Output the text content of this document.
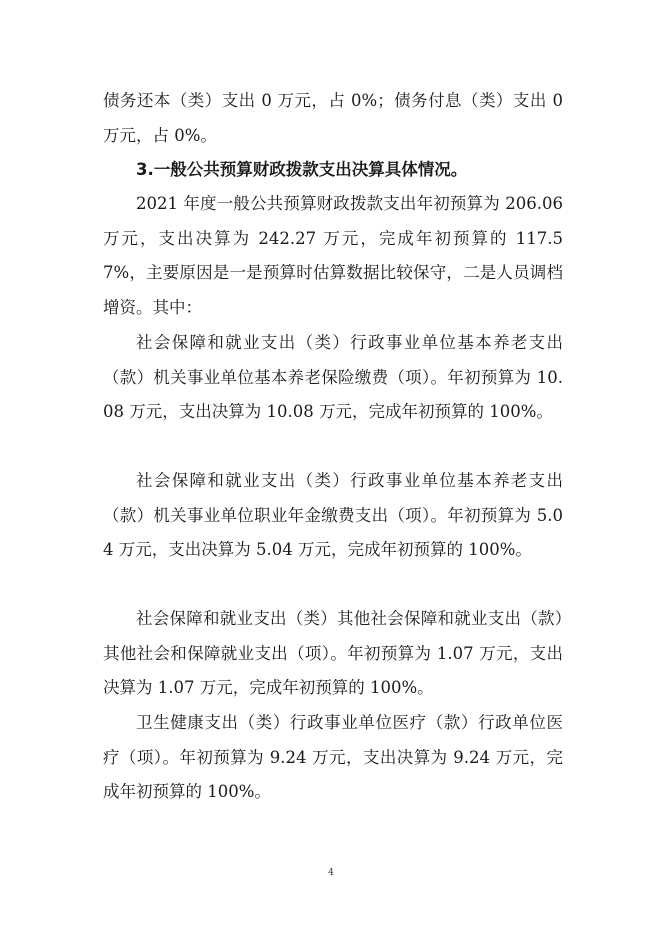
债务还本（类）支出 0 万元，占 0%；债务付息（类）支出 0 万元，占 0%。

3.一般公共预算财政拨款支出决算具体情况。

2021 年度一般公共预算财政拨款支出年初预算为 206.06 万元，支出决算为 242.27 万元，完成年初预算的 117.57%，主要原因是一是预算时估算数据比较保守，二是人员调档增资。其中：

社会保障和就业支出（类）行政事业单位基本养老支出（款）机关事业单位基本养老保险缴费（项）。年初预算为 10.08 万元，支出决算为 10.08 万元，完成年初预算的 100%。

社会保障和就业支出（类）行政事业单位基本养老支出（款）机关事业单位职业年金缴费支出（项）。年初预算为 5.04 万元，支出决算为 5.04 万元，完成年初预算的 100%。

社会保障和就业支出（类）其他社会保障和就业支出（款）其他社会和保障就业支出（项）。年初预算为 1.07 万元，支出决算为 1.07 万元，完成年初预算的 100%。

卫生健康支出（类）行政事业单位医疗（款）行政单位医疗（项）。年初预算为 9.24 万元，支出决算为 9.24 万元，完成年初预算的 100%。

4
